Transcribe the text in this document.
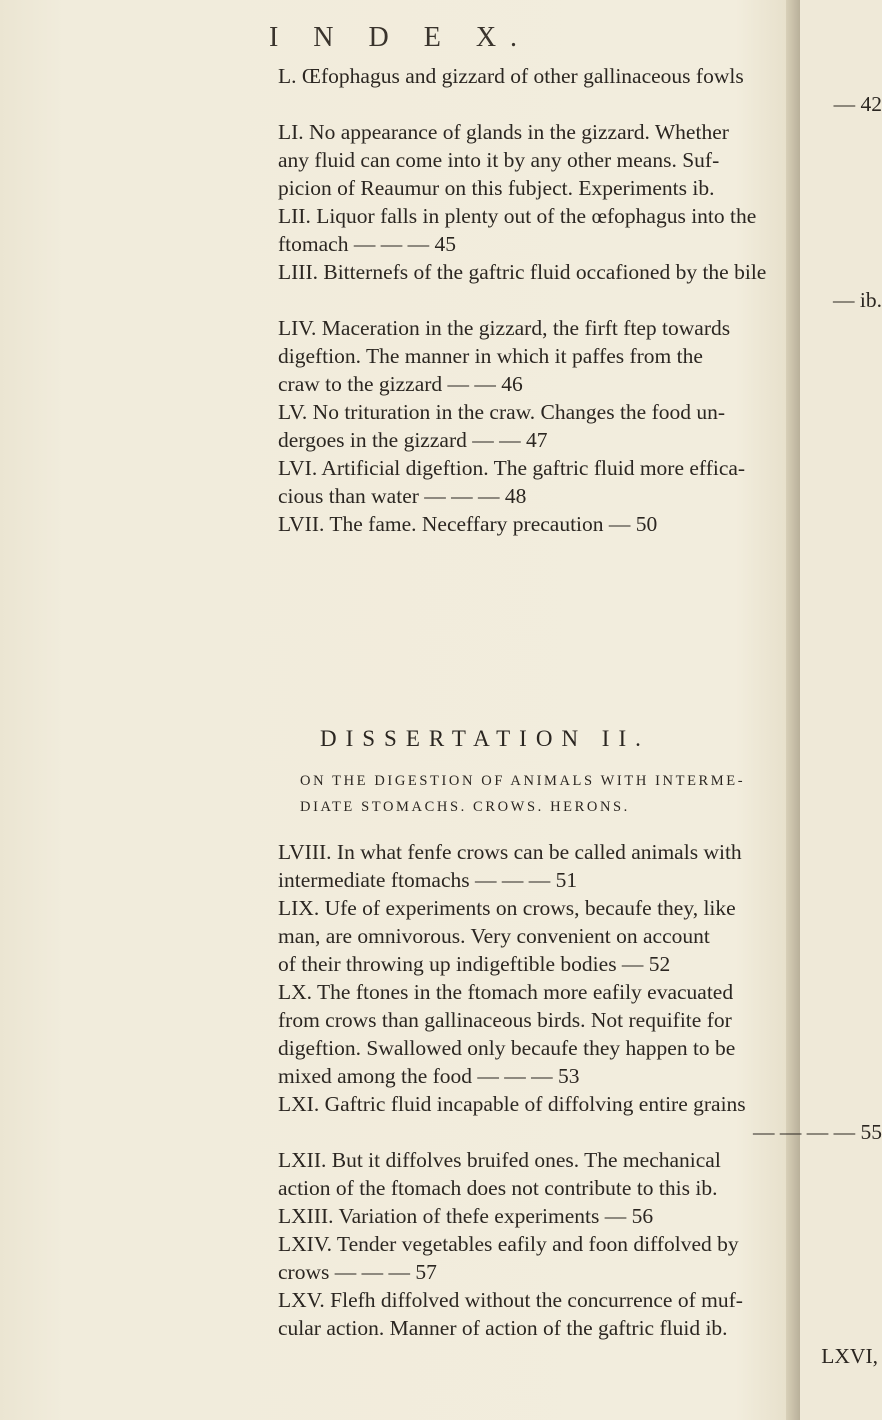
I N D E X.

L. Œfophagus and gizzard of other gallinaceous fowls
— 42

LI. No appearance of glands in the gizzard. Whether
any fluid can come into it by any other means. Suf-
picion of Reaumur on this fubject. Experiments ib.

LII. Liquor falls in plenty out of the œfophagus into the
ftomach — — — 45

LIII. Bitternefs of the gaftric fluid occafioned by the bile
— ib.

LIV. Maceration in the gizzard, the firft ftep towards
digeftion. The manner in which it paffes from the
craw to the gizzard — — 46

LV. No trituration in the craw. Changes the food un-
dergoes in the gizzard — — 47

LVI. Artificial digeftion. The gaftric fluid more effica-
cious than water — — — 48

LVII. The fame. Neceffary precaution — 50

DISSERTATION II.
ON THE DIGESTION OF ANIMALS WITH INTERME-
DIATE STOMACHS. CROWS. HERONS.

LVIII. In what fenfe crows can be called animals with
intermediate ftomachs — — — 51

LIX. Ufe of experiments on crows, becaufe they, like
man, are omnivorous. Very convenient on account
of their throwing up indigeftible bodies — 52

LX. The ftones in the ftomach more eafily evacuated
from crows than gallinaceous birds. Not requifite for
digeftion. Swallowed only becaufe they happen to be
mixed among the food — — — 53

LXI. Gaftric fluid incapable of diffolving entire grains
— — — — 55

LXII. But it diffolves bruifed ones. The mechanical
action of the ftomach does not contribute to this ib.

LXIII. Variation of thefe experiments — 56

LXIV. Tender vegetables eafily and foon diffolved by
crows — — — 57

LXV. Flefh diffolved without the concurrence of muf-
cular action. Manner of action of the gaftric fluid ib.

LXVI,
